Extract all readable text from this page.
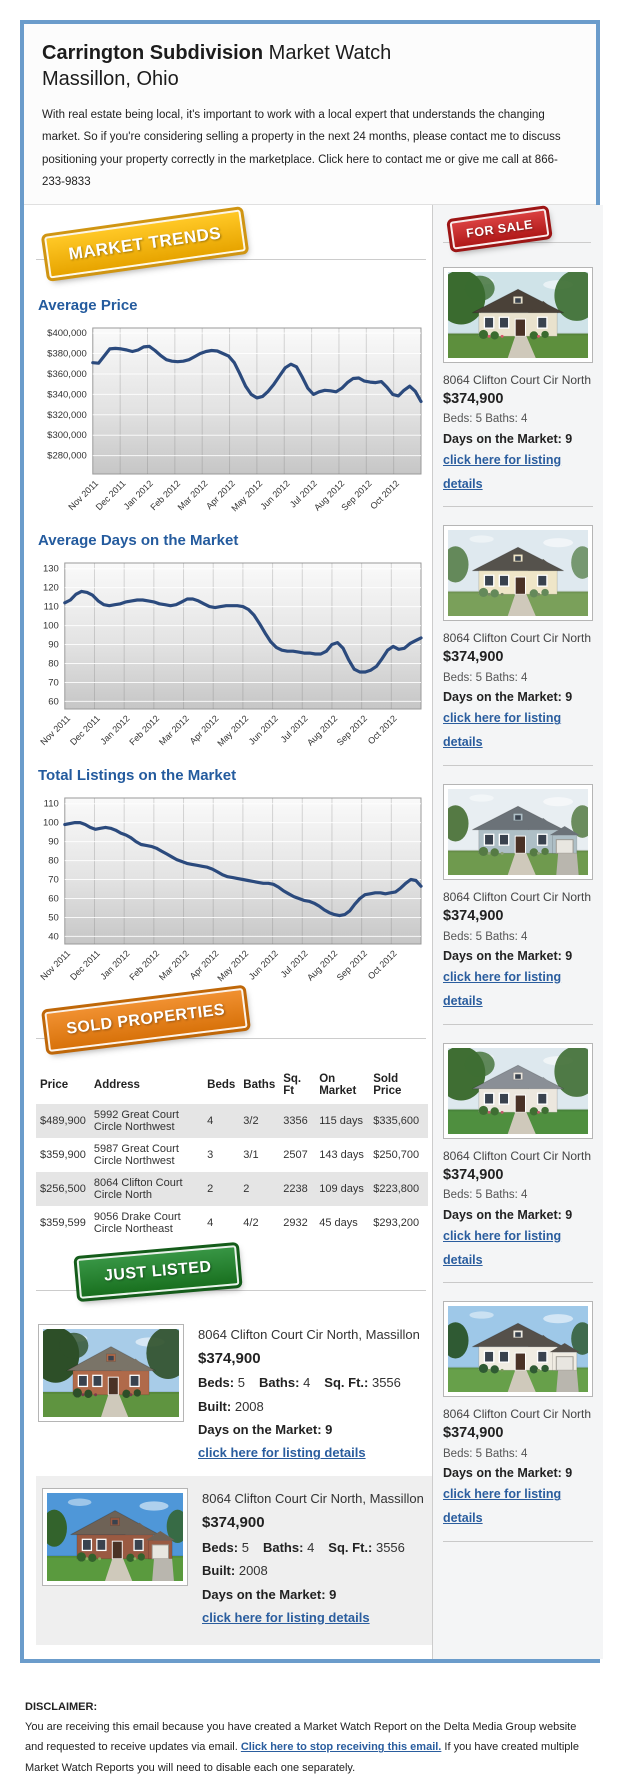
Carrington Subdivision Market Watch
Massillon, Ohio

With real estate being local, it's important to work with a local expert that understands the changing market. So if you're considering selling a property in the next 24 months, please contact me to discuss positioning your property correctly in the marketplace. Click here to contact me or give me call at 866-233-9833

MARKET TRENDS
Average Price
$280,000
$300,000
$320,000
$340,000
$360,000
$380,000
$400,000
Nov 2011
Dec 2011
Jan 2012
Feb 2012
Mar 2012
Apr 2012
May 2012
Jun 2012
Jul 2012
Aug 2012
Sep 2012
Oct 2012
Average Days on the Market
60
70
80
90
100
110
120
130
Nov 2011
Dec 2011
Jan 2012
Feb 2012
Mar 2012
Apr 2012
May 2012
Jun 2012
Jul 2012
Aug 2012
Sep 2012
Oct 2012
Total Listings on the Market
40
50
60
70
80
90
100
110
Nov 2011
Dec 2011
Jan 2012
Feb 2012
Mar 2012
Apr 2012
May 2012
Jun 2012
Jul 2012
Aug 2012
Sep 2012
Oct 2012
SOLD PROPERTIES
Price	Address	Beds	Baths	Sq. Ft	On Market	Sold Price
$489,900	5992 Great Court Circle Northwest	4	3/2	3356	115 days	$335,600
$359,900	5987 Great Court Circle Northwest	3	3/1	2507	143 days	$250,700
$256,500	8064 Clifton Court Circle North	2	2	2238	109 days	$223,800
$359,599	9056 Drake Court Circle Northeast	4	4/2	2932	45 days	$293,200
JUST LISTED
8064 Clifton Court Cir North, Massillon
$374,900
Beds: 5 Baths: 4 Sq. Ft.: 3556Built: 2008
Days on the Market: 9
click here for listing details
8064 Clifton Court Cir North, Massillon
$374,900
Beds: 5 Baths: 4 Sq. Ft.: 3556Built: 2008
Days on the Market: 9
click here for listing details
FOR SALE
8064 Clifton Court Cir North
$374,900
Beds: 5 Baths: 4
Days on the Market: 9
click here for listing details
8064 Clifton Court Cir North
$374,900
Beds: 5 Baths: 4
Days on the Market: 9
click here for listing details
8064 Clifton Court Cir North
$374,900
Beds: 5 Baths: 4
Days on the Market: 9
click here for listing details
8064 Clifton Court Cir North
$374,900
Beds: 5 Baths: 4
Days on the Market: 9
click here for listing details
8064 Clifton Court Cir North
$374,900
Beds: 5 Baths: 4
Days on the Market: 9
click here for listing details
DISCLAIMER:
You are receiving this email because you have created a Market Watch Report on the Delta Media Group website and requested to receive updates via email. Click here to stop receiving this email. If you have created multiple Market Watch Reports you will need to disable each one separately.
